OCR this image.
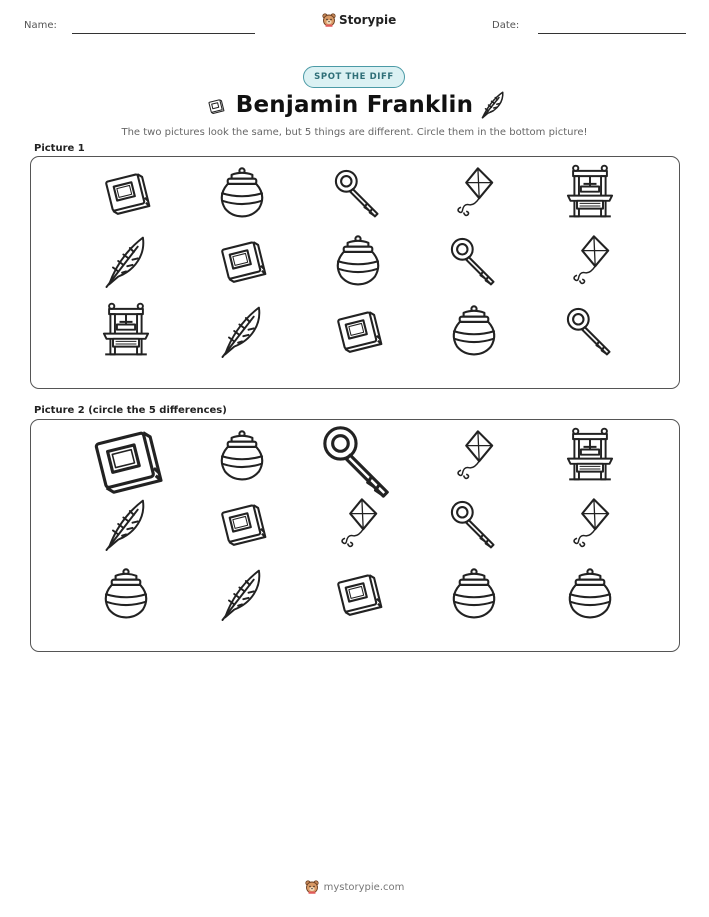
Name:	Storypie	Date:
SPOT THE DIFF
Benjamin Franklin
The two pictures look the same, but 5 things are different. Circle them in the bottom picture!
Picture 1
Picture 2 (circle the 5 differences)
mystorypie.com
